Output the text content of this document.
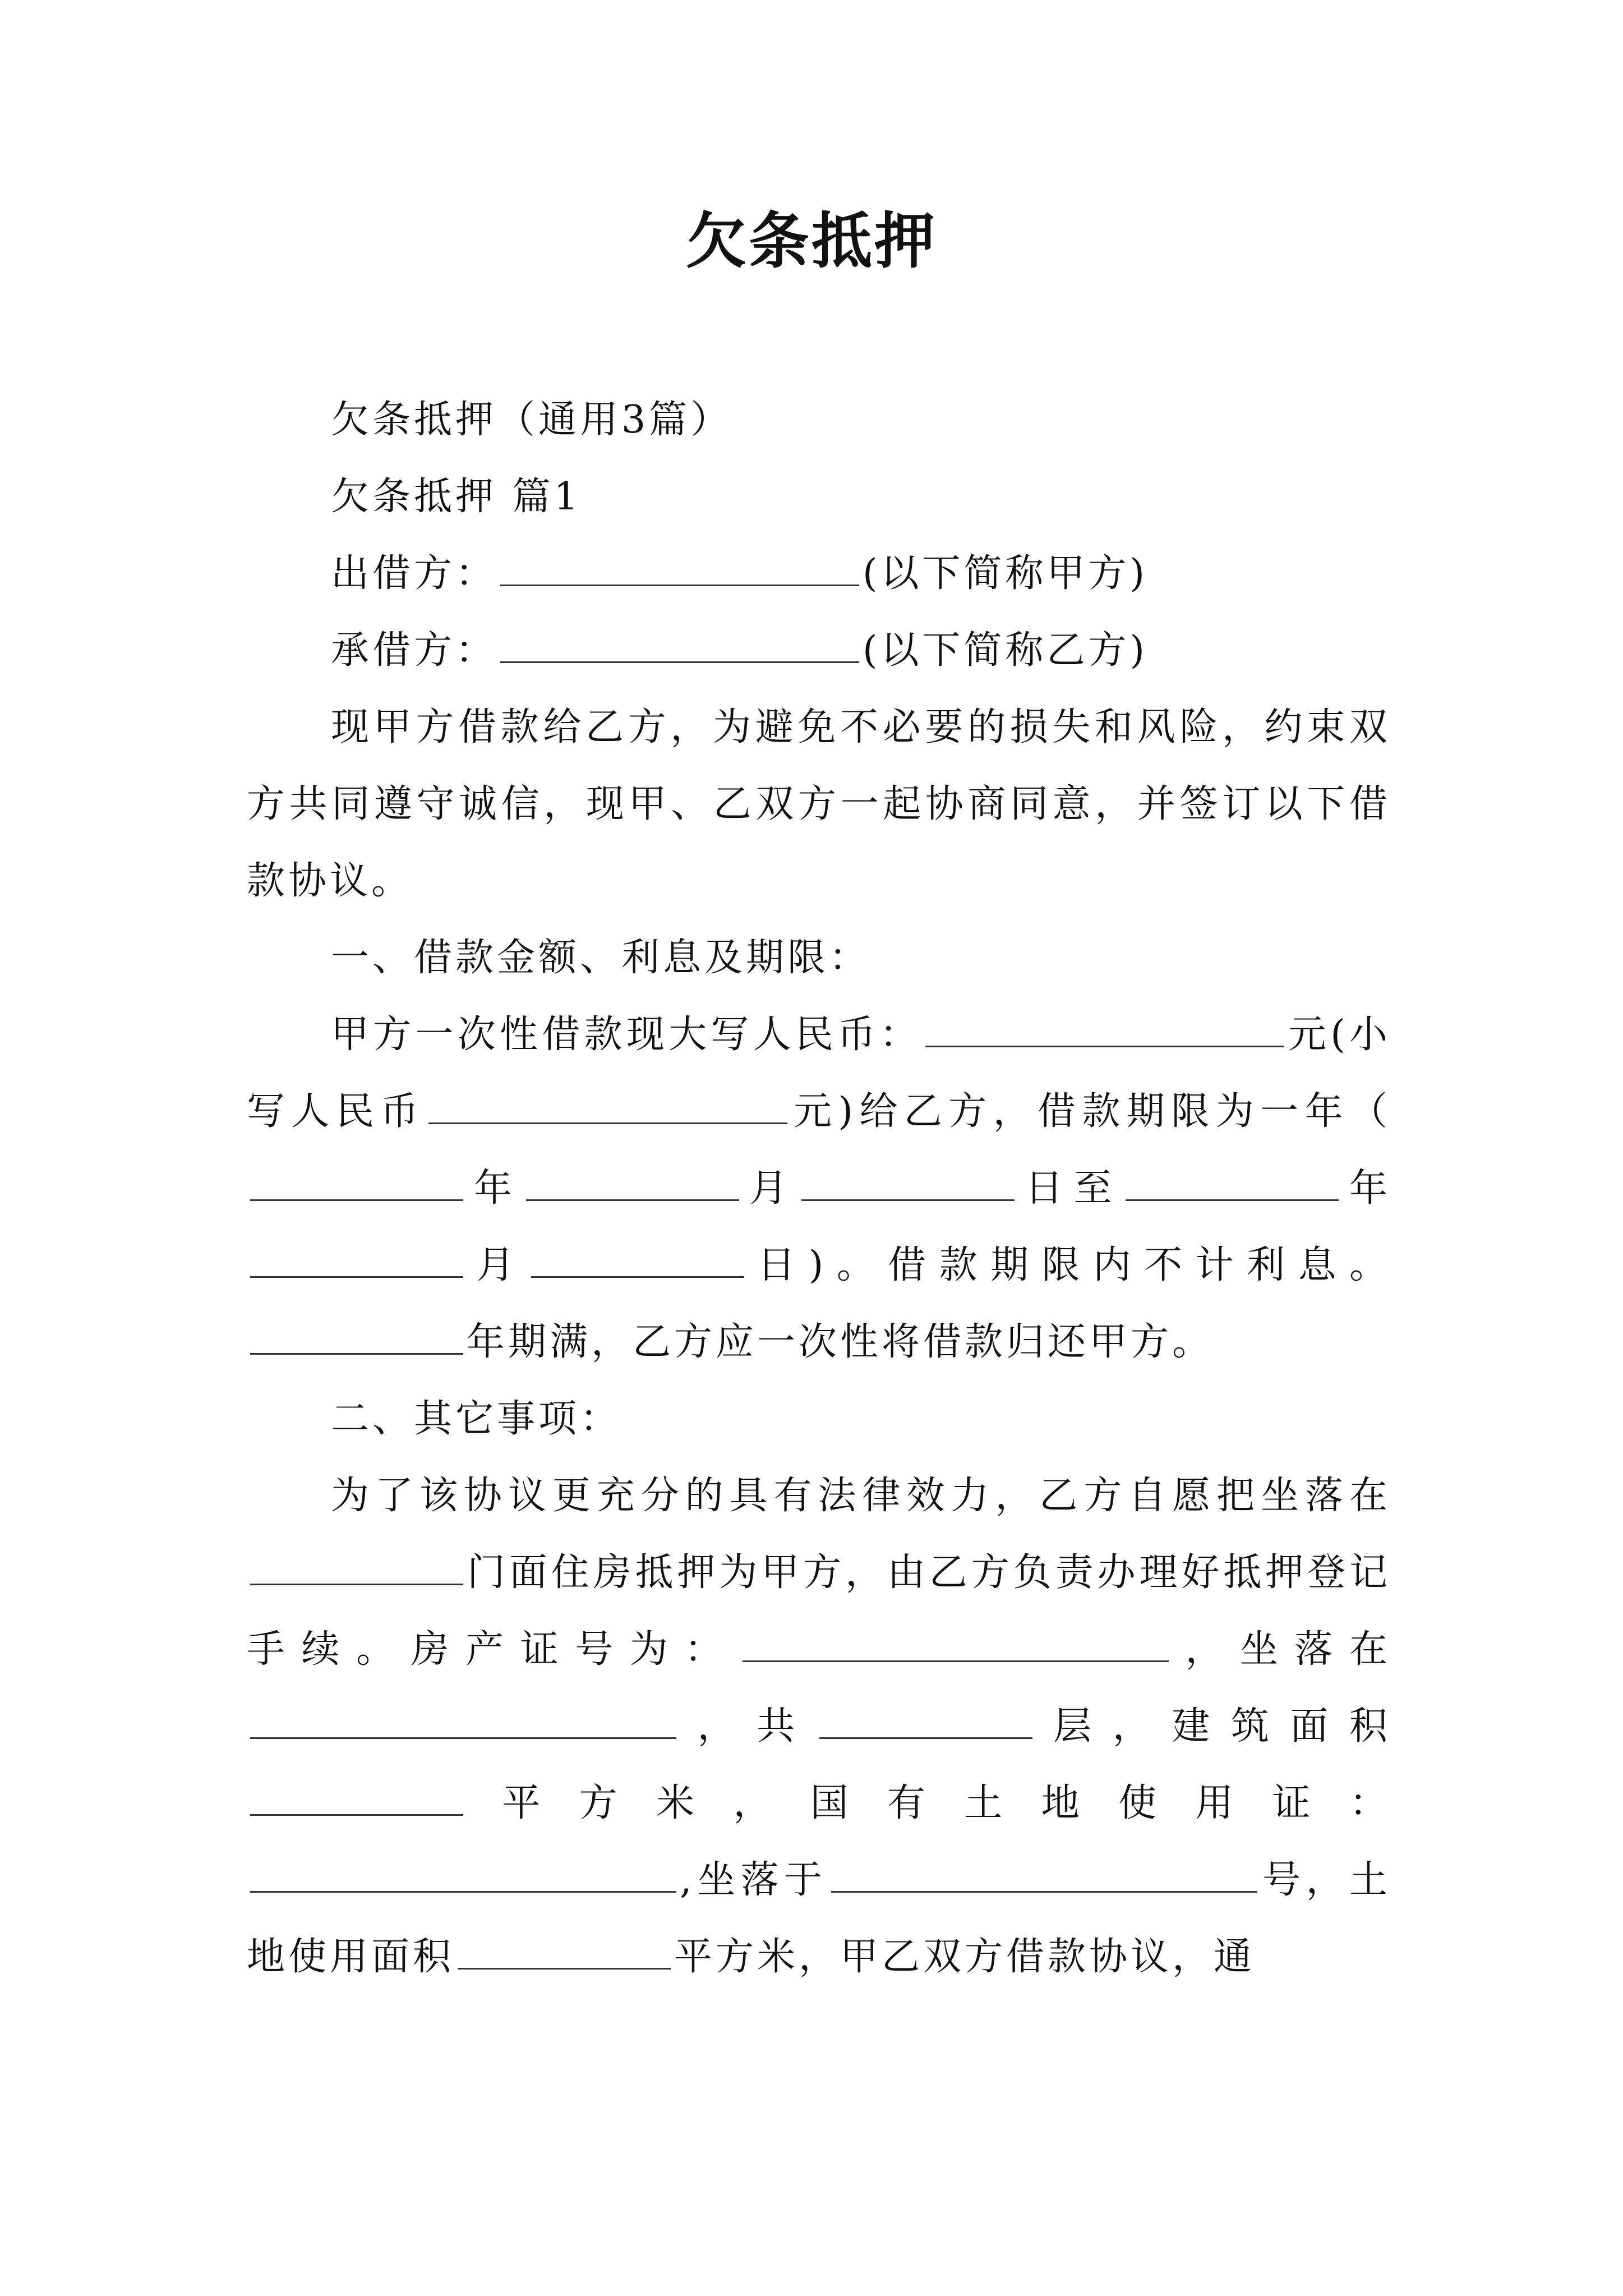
欠条抵押

欠条抵押（通用3篇）

欠条抵押 篇1

出借方：	(以下简称甲方)

承借方：	(以下简称乙方)

现甲方借款给乙方，为避免不必要的损失和风险，约束双方共同遵守诚信，现甲、乙双方一起协商同意，并签订以下借款协议。

一、借款金额、利息及期限：

甲方一次性借款现大写人民币：	元(小写人民币	元)给乙方，借款期限为一年（年	月	日至	年月	日)。借款期限内不计利息。年期满，乙方应一次性将借款归还甲方。

二、其它事项：

为了该协议更充分的具有法律效力，乙方自愿把坐落在门面住房抵押为甲方，由乙方负责办理好抵押登记手续。房产证号为：	，坐落在，共	层，建筑面积平方米，国有土地使用证：,坐落于	号，土地使用面积	平方米，甲乙双方借款协议，通
